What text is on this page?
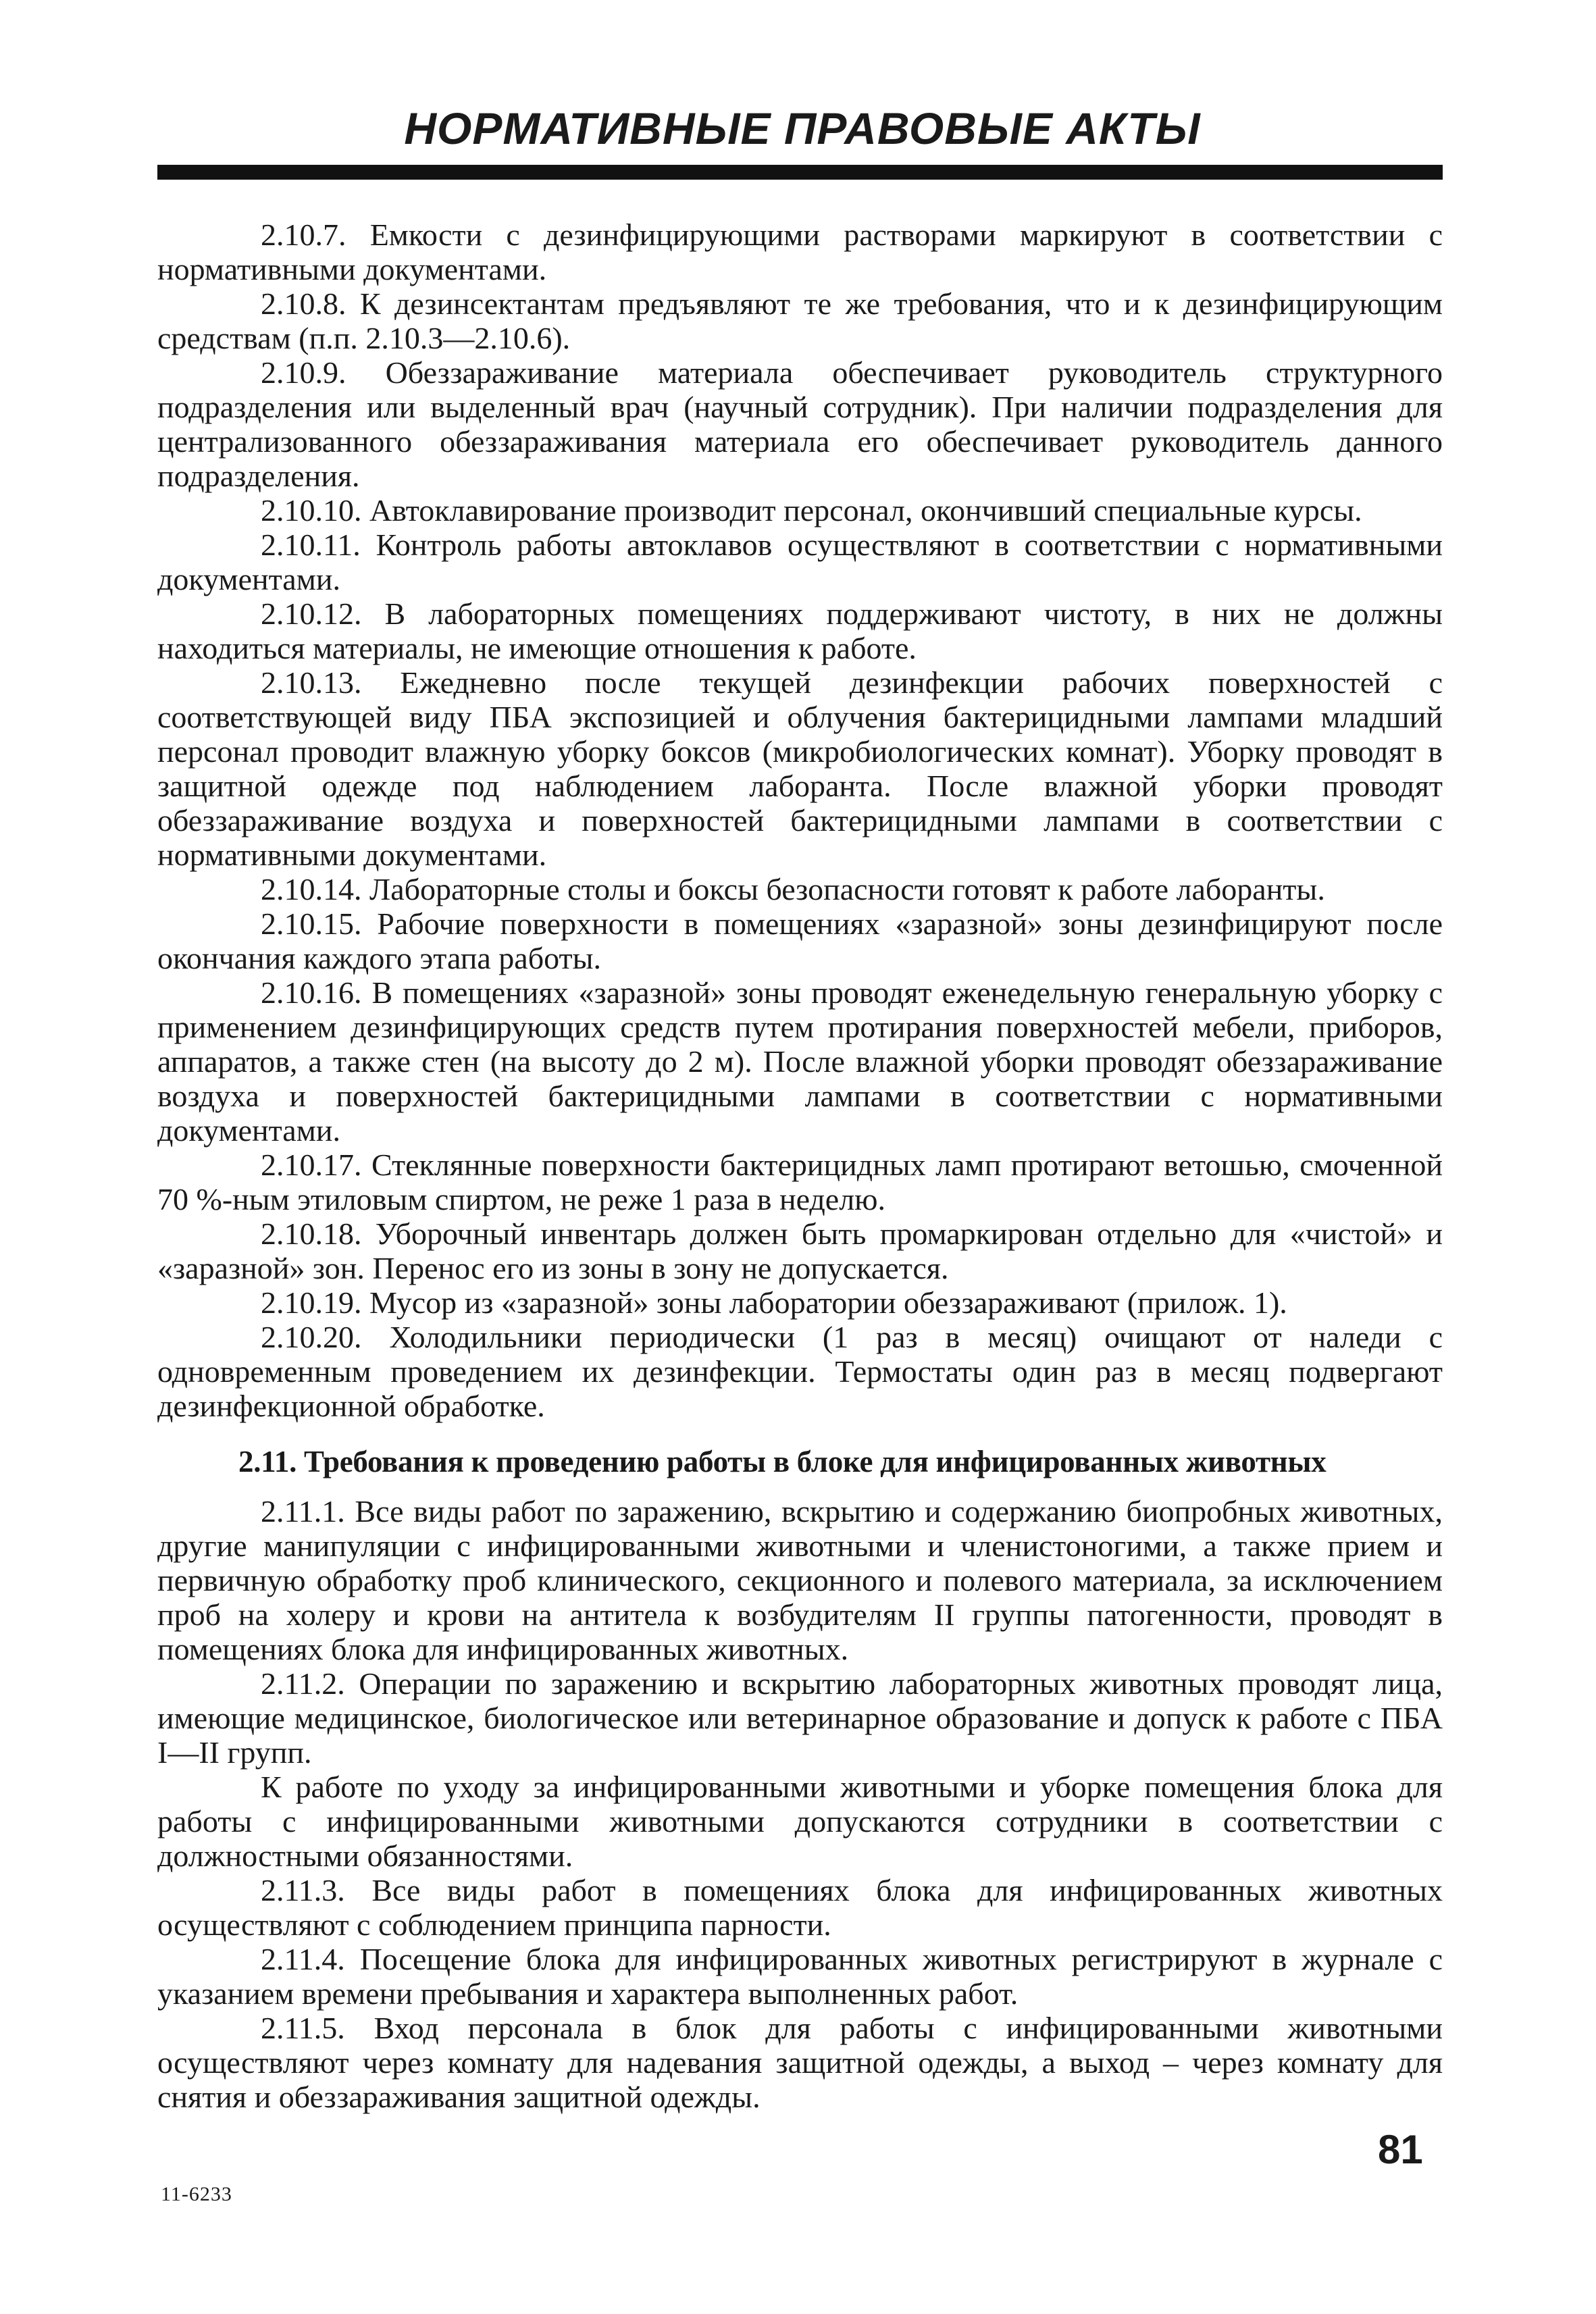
НОРМАТИВНЫЕ ПРАВОВЫЕ АКТЫ

2.10.7. Емкости с дезинфицирующими растворами маркируют в соответствии с нормативными документами.

2.10.8. К дезинсектантам предъявляют те же требования, что и к дезинфицирующим средствам (п.п. 2.10.3—2.10.6).

2.10.9. Обеззараживание материала обеспечивает руководитель структурного подразделения или выделенный врач (научный сотрудник). При наличии подразделения для централизованного обеззараживания материала его обеспечивает руководитель данного подразделения.

2.10.10. Автоклавирование производит персонал, окончивший специальные курсы.

2.10.11. Контроль работы автоклавов осуществляют в соответствии с нормативными документами.

2.10.12. В лабораторных помещениях поддерживают чистоту, в них не должны находиться материалы, не имеющие отношения к работе.

2.10.13. Ежедневно после текущей дезинфекции рабочих поверхностей с соответствующей виду ПБА экспозицией и облучения бактерицидными лампами младший персонал проводит влажную уборку боксов (микробиологических комнат). Уборку проводят в защитной одежде под наблюдением лаборанта. После влажной уборки проводят обеззараживание воздуха и поверхностей бактерицидными лампами в соответствии с нормативными документами.

2.10.14. Лабораторные столы и боксы безопасности готовят к работе лаборанты.

2.10.15. Рабочие поверхности в помещениях «заразной» зоны дезинфицируют после окончания каждого этапа работы.

2.10.16. В помещениях «заразной» зоны проводят еженедельную генеральную уборку с применением дезинфицирующих средств путем протирания поверхностей мебели, приборов, аппаратов, а также стен (на высоту до 2 м). После влажной уборки проводят обеззараживание воздуха и поверхностей бактерицидными лампами в соответствии с нормативными документами.

2.10.17. Стеклянные поверхности бактерицидных ламп протирают ветошью, смоченной 70 %-ным этиловым спиртом, не реже 1 раза в неделю.

2.10.18. Уборочный инвентарь должен быть промаркирован отдельно для «чистой» и «заразной» зон. Перенос его из зоны в зону не допускается.

2.10.19. Мусор из «заразной» зоны лаборатории обеззараживают (прилож. 1).

2.10.20. Холодильники периодически (1 раз в месяц) очищают от наледи с одновременным проведением их дезинфекции. Термостаты один раз в месяц подвергают дезинфекционной обработке.

2.11. Требования к проведению работы в блоке для инфицированных животных

2.11.1. Все виды работ по заражению, вскрытию и содержанию биопробных животных, другие манипуляции с инфицированными животными и членистоногими, а также прием и первичную обработку проб клинического, секционного и полевого материала, за исключением проб на холеру и крови на антитела к возбудителям II группы патогенности, проводят в помещениях блока для инфицированных животных.

2.11.2. Операции по заражению и вскрытию лабораторных животных проводят лица, имеющие медицинское, биологическое или ветеринарное образование и допуск к работе с ПБА I—II групп.

К работе по уходу за инфицированными животными и уборке помещения блока для работы с инфицированными животными допускаются сотрудники в соответствии с должностными обязанностями.

2.11.3. Все виды работ в помещениях блока для инфицированных животных осуществляют с соблюдением принципа парности.

2.11.4. Посещение блока для инфицированных животных регистрируют в журнале с указанием времени пребывания и характера выполненных работ.

2.11.5. Вход персонала в блок для работы с инфицированными животными осуществляют через комнату для надевания защитной одежды, а выход – через комнату для снятия и обеззараживания защитной одежды.

11-6233
81
